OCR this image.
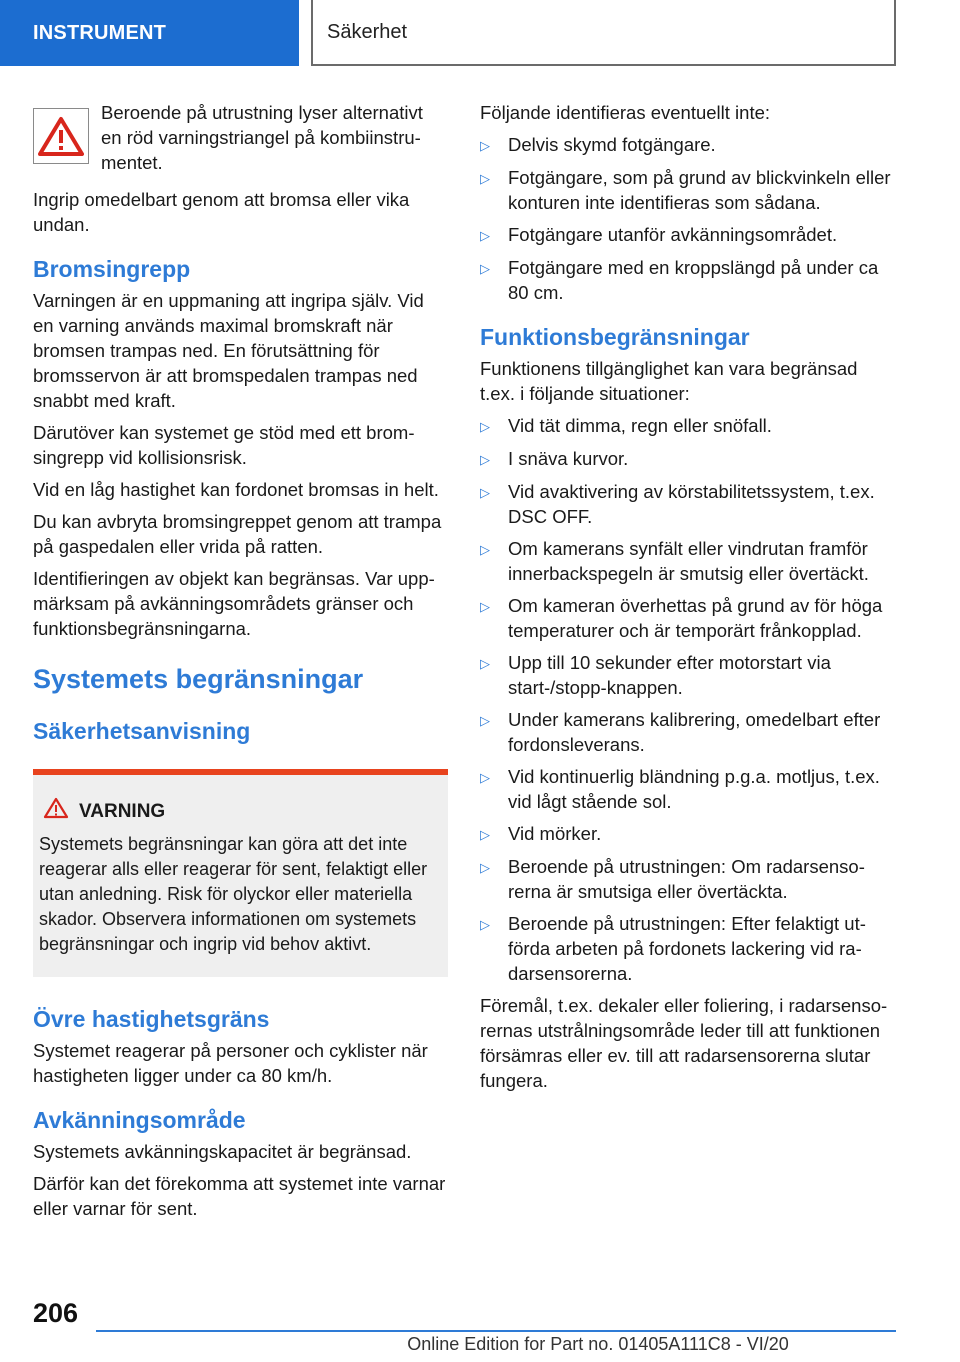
INSTRUMENT	Säkerhet
Beroende på utrustning lyser alternativt en röd varningstriangel på kombiinstrumentet.

Ingrip omedelbart genom att bromsa eller vika undan.

Bromsingrepp

Varningen är en uppmaning att ingripa själv. Vid en varning används maximal bromskraft när bromsen trampas ned. En förutsättning för bromsservon är att bromspedalen trampas ned snabbt med kraft.

Därutöver kan systemet ge stöd med ett bromsingrepp vid kollisionsrisk.

Vid en låg hastighet kan fordonet bromsas in helt.

Du kan avbryta bromsingreppet genom att trampa på gaspedalen eller vrida på ratten.

Identifieringen av objekt kan begränsas. Var uppmärksam på avkänningsområdets gränser och funktionsbegränsningarna.

Systemets begränsningar
Säkerhetsanvisning
VARNING
Systemets begränsningar kan göra att det inte reagerar alls eller reagerar för sent, felaktigt eller utan anledning. Risk för olyckor eller materiella skador. Observera informationen om systemets begränsningar och ingrip vid behov aktivt.
Övre hastighetsgräns

Systemet reagerar på personer och cyklister när hastigheten ligger under ca 80 km/h.

Avkänningsområde

Systemets avkänningskapacitet är begränsad.

Därför kan det förekomma att systemet inte varnar eller varnar för sent.

Följande identifieras eventuellt inte:

▷ Delvis skymd fotgängare.
▷ Fotgängare, som på grund av blickvinkeln eller konturen inte identifieras som sådana.
▷ Fotgängare utanför avkänningsområdet.
▷ Fotgängare med en kroppslängd på under ca 80 cm.
Funktionsbegränsningar

Funktionens tillgänglighet kan vara begränsad t.ex. i följande situationer:

▷ Vid tät dimma, regn eller snöfall.
▷ I snäva kurvor.
▷ Vid avaktivering av körstabilitetssystem, t.ex. DSC OFF.
▷ Om kamerans synfält eller vindrutan framför innerbackspegeln är smutsig eller övertäckt.
▷ Om kameran överhettas på grund av för höga temperaturer och är temporärt frånkopplad.
▷ Upp till 10 sekunder efter motorstart via start-/stopp-knappen.
▷ Under kamerans kalibrering, omedelbart efter fordonsleverans.
▷ Vid kontinuerlig bländning p.g.a. motljus, t.ex. vid lågt stående sol.
▷ Vid mörker.
▷ Beroende på utrustningen: Om radarsensorerna är smutsiga eller övertäckta.
▷ Beroende på utrustningen: Efter felaktigt utförda arbeten på fordonets lackering vid radarsensorerna.

Föremål, t.ex. dekaler eller foliering, i radarsensorernas utstrålningsområde leder till att funktionen försämras eller ev. till att radarsensorerna slutar fungera.

206
Online Edition for Part no. 01405A111C8 - VI/20
